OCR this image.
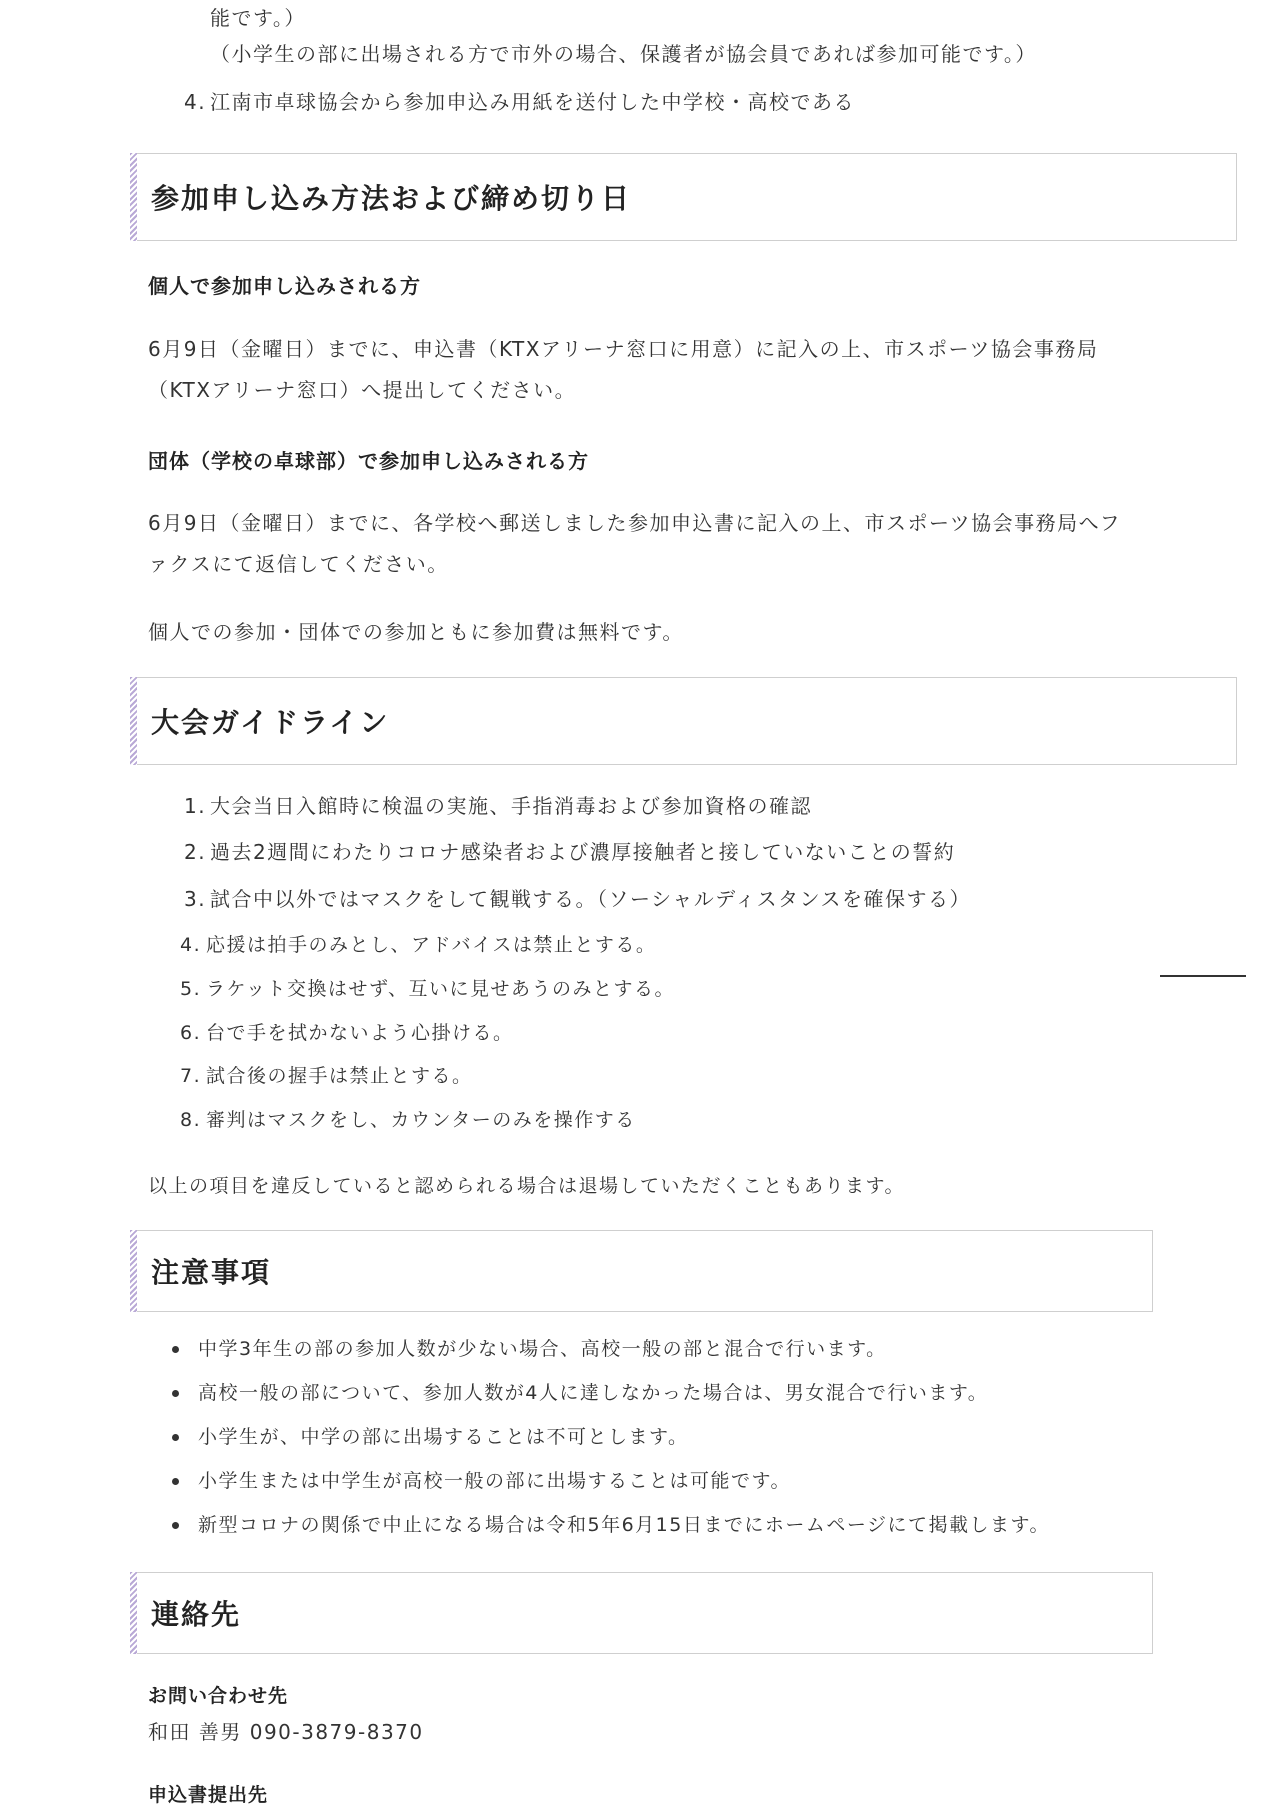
能です。）
（小学生の部に出場される方で市外の場合、保護者が協会員であれば参加可能です。）
4. 江南市卓球協会から参加申込み用紙を送付した中学校・高校である
参加申し込み方法および締め切り日
個人で参加申し込みされる方
6月9日（金曜日）までに、申込書（KTXアリーナ窓口に用意）に記入の上、市スポーツ協会事務局
（KTXアリーナ窓口）へ提出してください。
団体（学校の卓球部）で参加申し込みされる方
6月9日（金曜日）までに、各学校へ郵送しました参加申込書に記入の上、市スポーツ協会事務局へフ
ァクスにて返信してください。
個人での参加・団体での参加ともに参加費は無料です。
大会ガイドライン
1. 大会当日入館時に検温の実施、手指消毒および参加資格の確認
2. 過去2週間にわたりコロナ感染者および濃厚接触者と接していないことの誓約
3. 試合中以外ではマスクをして観戦する。（ソーシャルディスタンスを確保する）
4. 応援は拍手のみとし、アドバイスは禁止とする。
5. ラケット交換はせず、互いに見せあうのみとする。
6. 台で手を拭かないよう心掛ける。
7. 試合後の握手は禁止とする。
8. 審判はマスクをし、カウンターのみを操作する
以上の項目を違反していると認められる場合は退場していただくこともあります。
注意事項
中学3年生の部の参加人数が少ない場合、高校一般の部と混合で行います。
高校一般の部について、参加人数が4人に達しなかった場合は、男女混合で行います。
小学生が、中学の部に出場することは不可とします。
小学生または中学生が高校一般の部に出場することは可能です。
新型コロナの関係で中止になる場合は令和5年6月15日までにホームページにて掲載します。
連絡先
お問い合わせ先
和田 善男 090-3879-8370
申込書提出先
